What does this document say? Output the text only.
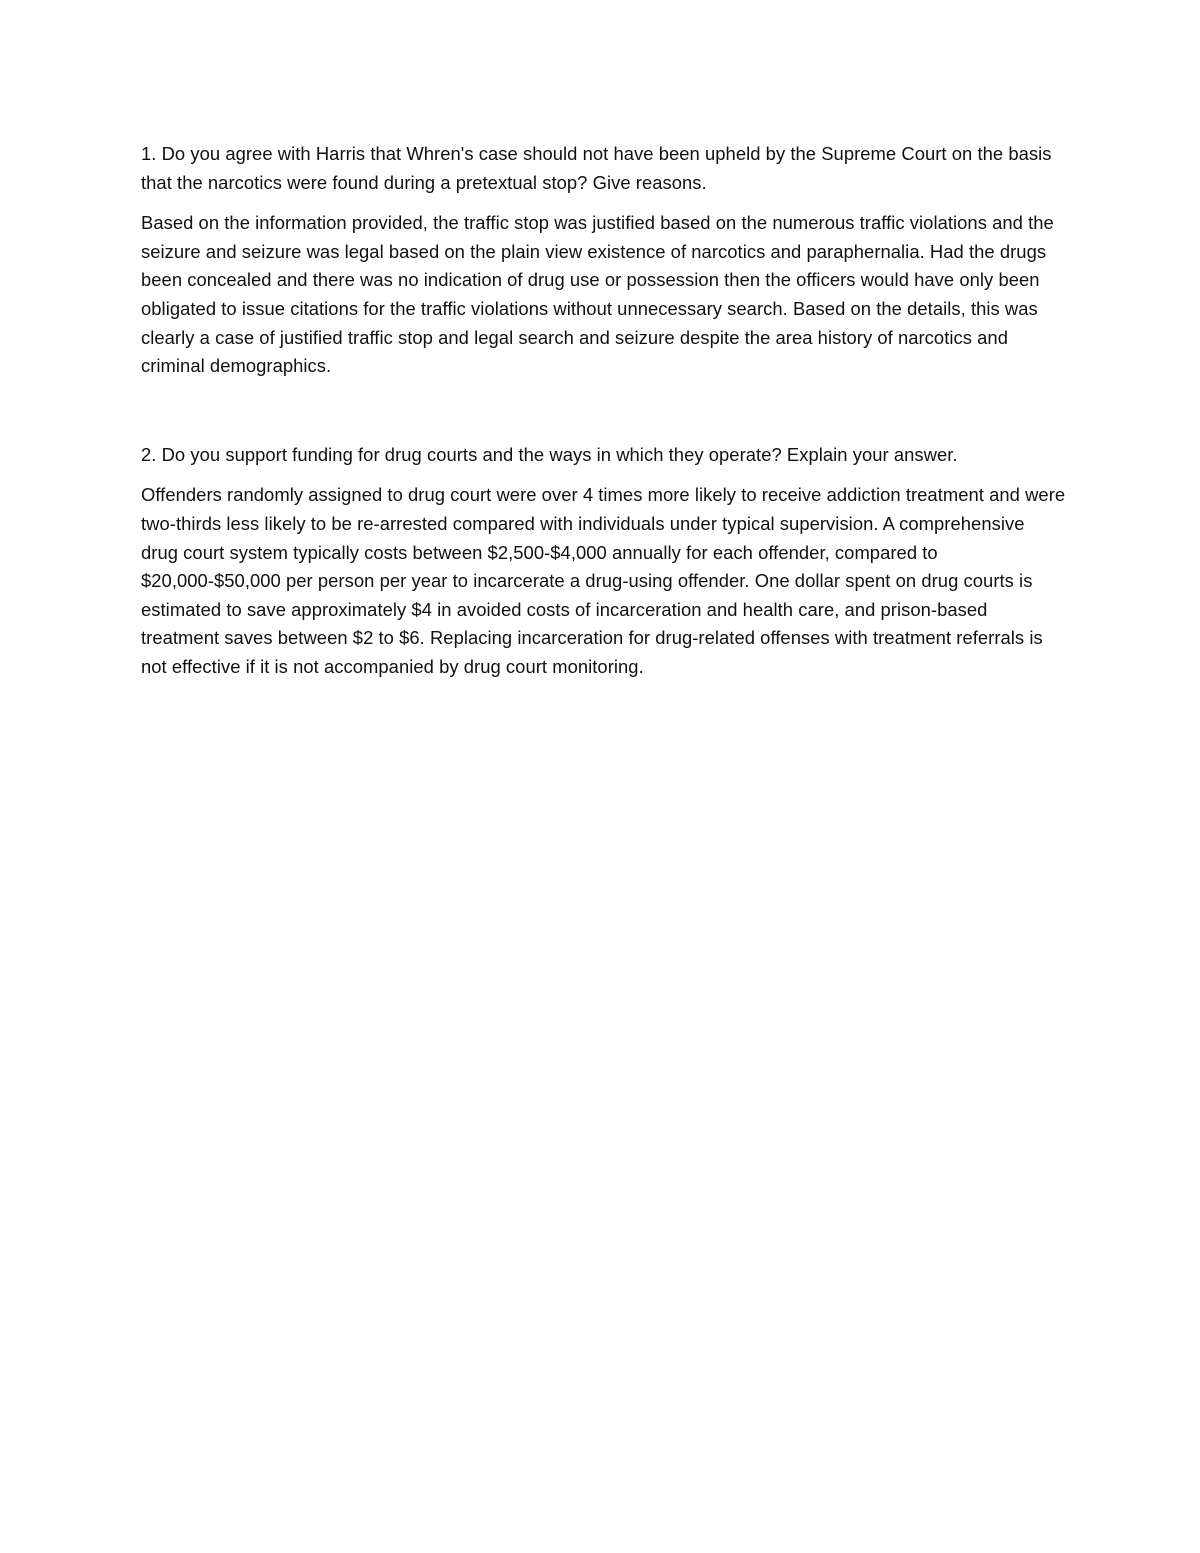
1. Do you agree with Harris that Whren's case should not have been upheld by the Supreme Court on the basis that the narcotics were found during a pretextual stop? Give reasons.

Based on the information provided, the traffic stop was justified based on the numerous traffic violations and the seizure and seizure was legal based on the plain view existence of narcotics and paraphernalia. Had the drugs been concealed and there was no indication of drug use or possession then the officers would have only been obligated to issue citations for the traffic violations without unnecessary search. Based on the details, this was clearly a case of justified traffic stop and legal search and seizure despite the area history of narcotics and criminal demographics.

2. Do you support funding for drug courts and the ways in which they operate? Explain your answer.

Offenders randomly assigned to drug court were over 4 times more likely to receive addiction treatment and were two-thirds less likely to be re-arrested compared with individuals under typical supervision. A comprehensive drug court system typically costs between $2,500-$4,000 annually for each offender, compared to $20,000-$50,000 per person per year to incarcerate a drug-using offender. One dollar spent on drug courts is estimated to save approximately $4 in avoided costs of incarceration and health care, and prison-based treatment saves between $2 to $6. Replacing incarceration for drug-related offenses with treatment referrals is not effective if it is not accompanied by drug court monitoring.
